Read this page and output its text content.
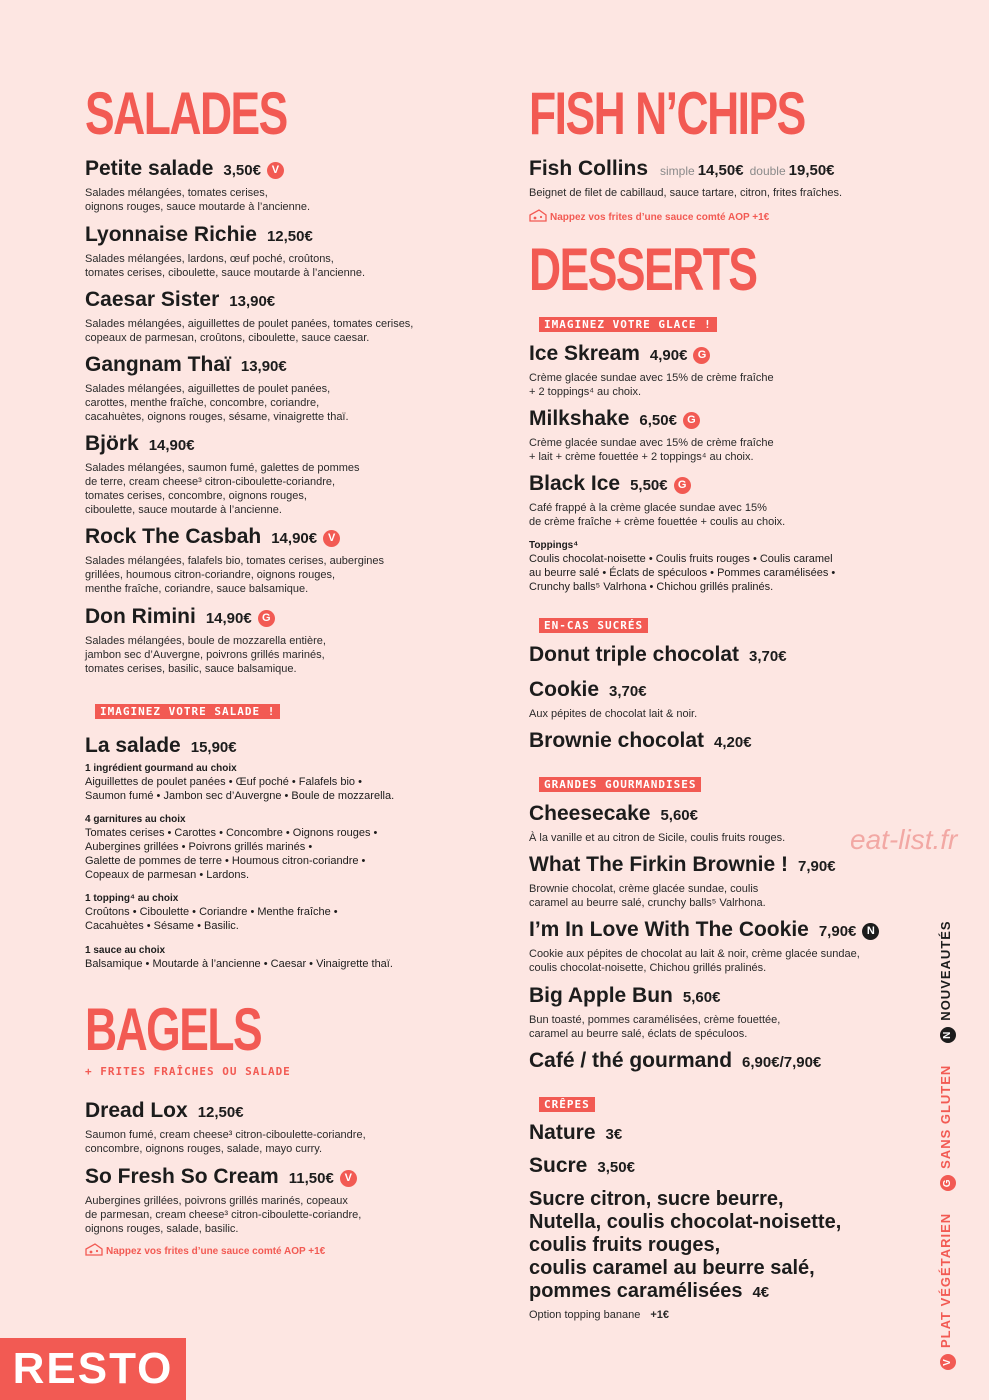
SALADES
Petite salade 3,50€ V
Salades mélangées, tomates cerises,
oignons rouges, sauce moutarde à l’ancienne.
Lyonnaise Richie 12,50€
Salades mélangées, lardons, œuf poché, croûtons,
tomates cerises, ciboulette, sauce moutarde à l’ancienne.
Caesar Sister 13,90€
Salades mélangées, aiguillettes de poulet panées, tomates cerises,
copeaux de parmesan, croûtons, ciboulette, sauce caesar.
Gangnam Thaï 13,90€
Salades mélangées, aiguillettes de poulet panées,
carottes, menthe fraîche, concombre, coriandre,
cacahuètes, oignons rouges, sésame, vinaigrette thaï.
Björk 14,90€
Salades mélangées, saumon fumé, galettes de pommes
de terre, cream cheese³ citron-ciboulette-coriandre,
tomates cerises, concombre, oignons rouges,
ciboulette, sauce moutarde à l’ancienne.
Rock The Casbah 14,90€ V
Salades mélangées, falafels bio, tomates cerises, aubergines
grillées, houmous citron-coriandre, oignons rouges,
menthe fraîche, coriandre, sauce balsamique.
Don Rimini 14,90€ G
Salades mélangées, boule de mozzarella entière,
jambon sec d’Auvergne, poivrons grillés marinés,
tomates cerises, basilic, sauce balsamique.
IMAGINEZ VOTRE SALADE !
La salade 15,90€
1 ingrédient gourmand au choix
Aiguillettes de poulet panées • Œuf poché • Falafels bio •
Saumon fumé • Jambon sec d’Auvergne • Boule de mozzarella.
4 garnitures au choix
Tomates cerises • Carottes • Concombre • Oignons rouges •
Aubergines grillées • Poivrons grillés marinés •
Galette de pommes de terre • Houmous citron-coriandre •
Copeaux de parmesan • Lardons.
1 topping⁴ au choix
Croûtons • Ciboulette • Coriandre • Menthe fraîche •
Cacahuètes • Sésame • Basilic.
1 sauce au choix
Balsamique • Moutarde à l’ancienne • Caesar • Vinaigrette thaï.
BAGELS
+ FRITES FRAÎCHES OU SALADE
Dread Lox 12,50€
Saumon fumé, cream cheese³ citron-ciboulette-coriandre,
concombre, oignons rouges, salade, mayo curry.
So Fresh So Cream 11,50€ V
Aubergines grillées, poivrons grillés marinés, copeaux
de parmesan, cream cheese³ citron-ciboulette-coriandre,
oignons rouges, salade, basilic.
Nappez vos frites d’une sauce comté AOP +1€
FISH N’CHIPS
Fish Collins simple 14,50€ double 19,50€
Beignet de filet de cabillaud, sauce tartare, citron, frites fraîches.
Nappez vos frites d’une sauce comté AOP +1€
DESSERTS
IMAGINEZ VOTRE GLACE !
Ice Skream 4,90€ G
Crème glacée sundae avec 15% de crème fraîche
+ 2 toppings⁴ au choix.
Milkshake 6,50€ G
Crème glacée sundae avec 15% de crème fraîche
+ lait + crème fouettée + 2 toppings⁴ au choix.
Black Ice 5,50€ G
Café frappé à la crème glacée sundae avec 15%
de crème fraîche + crème fouettée + coulis au choix.
Toppings⁴
Coulis chocolat-noisette • Coulis fruits rouges • Coulis caramel
au beurre salé • Éclats de spéculoos • Pommes caramélisées •
Crunchy balls⁵ Valrhona • Chichou grillés pralinés.
EN-CAS SUCRÉS
Donut triple chocolat 3,70€
Cookie 3,70€
Aux pépites de chocolat lait & noir.
Brownie chocolat 4,20€
GRANDES GOURMANDISES
Cheesecake 5,60€
À la vanille et au citron de Sicile, coulis fruits rouges.
What The Firkin Brownie ! 7,90€
Brownie chocolat, crème glacée sundae, coulis
caramel au beurre salé, crunchy balls⁵ Valrhona.
I’m In Love With The Cookie 7,90€ N
Cookie aux pépites de chocolat au lait & noir, crème glacée sundae,
coulis chocolat-noisette, Chichou grillés pralinés.
Big Apple Bun 5,60€
Bun toasté, pommes caramélisées, crème fouettée,
caramel au beurre salé, éclats de spéculoos.
Café / thé gourmand 6,90€/7,90€
CRÊPES
Nature 3€
Sucre 3,50€
Sucre citron, sucre beurre,
Nutella, coulis chocolat-noisette,
coulis fruits rouges,
coulis caramel au beurre salé,
pommes caramélisées 4€
Option topping banane +1€
eat-list.fr
RESTO	VPLAT VÉGÉTARIENGSANS GLUTENNNOUVEAUTÉS
